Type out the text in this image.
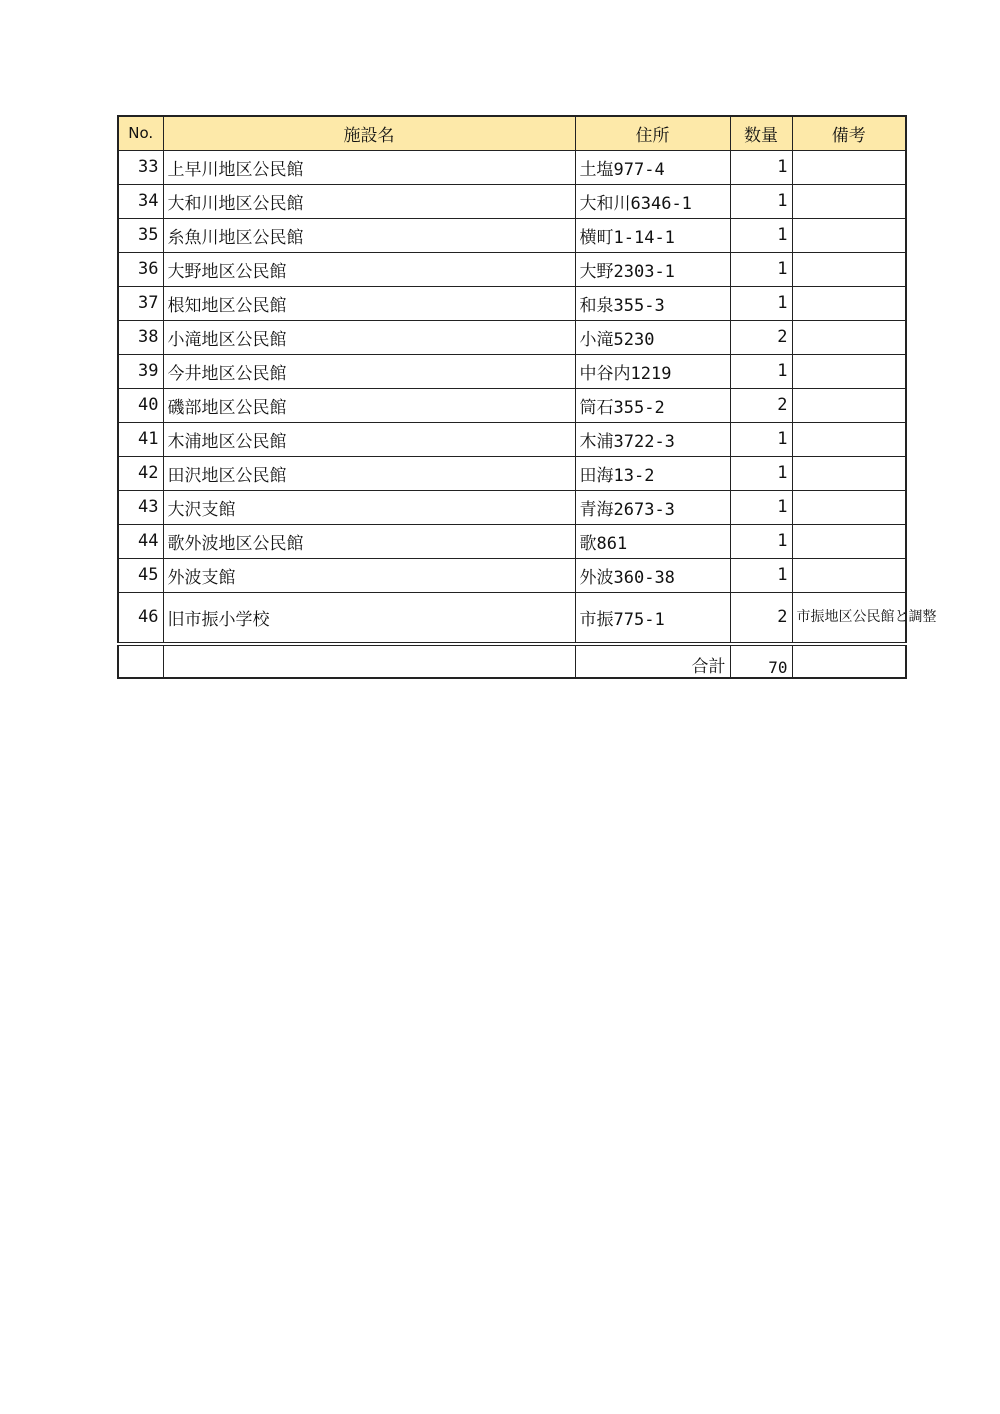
No.	施設名	住所	数量	備考
33	上早川地区公民館	土塩977-4	1	
34	大和川地区公民館	大和川6346-1	1	
35	糸魚川地区公民館	横町1-14-1	1	
36	大野地区公民館	大野2303-1	1	
37	根知地区公民館	和泉355-3	1	
38	小滝地区公民館	小滝5230	2	
39	今井地区公民館	中谷内1219	1	
40	磯部地区公民館	筒石355-2	2	
41	木浦地区公民館	木浦3722-3	1	
42	田沢地区公民館	田海13-2	1	
43	大沢支館	青海2673-3	1	
44	歌外波地区公民館	歌861	1	
45	外波支館	外波360-38	1	
46	旧市振小学校	市振775-1	2	市振地区公民館と調整
		合計	70	
